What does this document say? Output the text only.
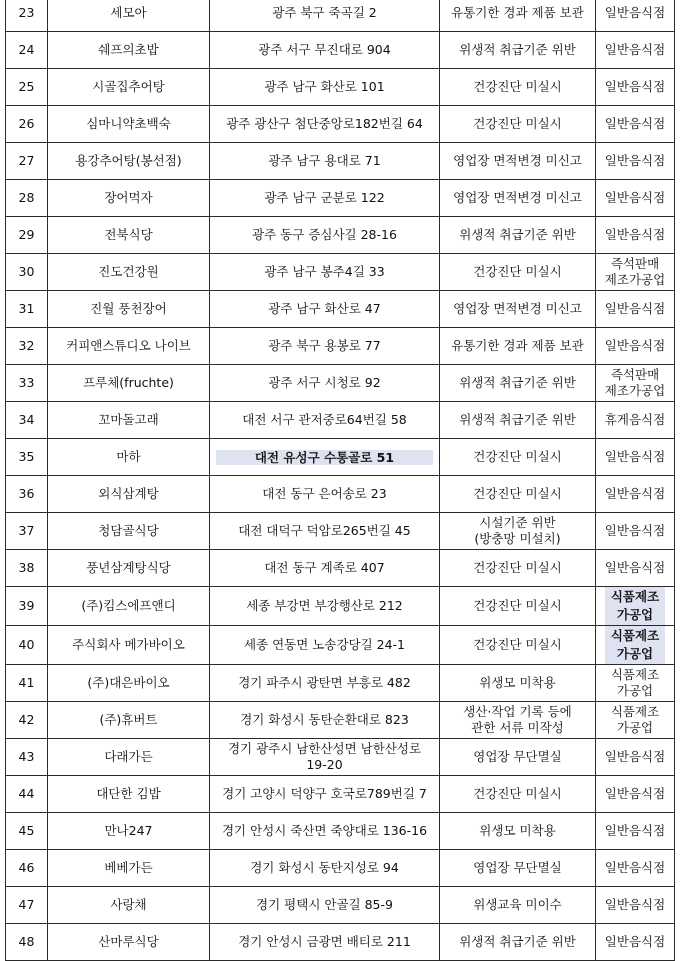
23	세모아	광주 북구 죽곡길 2	유통기한 경과 제품 보관	일반음식점
24	쉐프의초밥	광주 서구 무진대로 904	위생적 취급기준 위반	일반음식점
25	시골집추어탕	광주 남구 화산로 101	건강진단 미실시	일반음식점
26	심마니약초백숙	광주 광산구 첨단중앙로182번길 64	건강진단 미실시	일반음식점
27	용강추어탕(봉선점)	광주 남구 용대로 71	영업장 면적변경 미신고	일반음식점
28	장어먹자	광주 남구 군분로 122	영업장 면적변경 미신고	일반음식점
29	전북식당	광주 동구 증심사길 28-16	위생적 취급기준 위반	일반음식점
30	진도건강원	광주 남구 봉주4길 33	건강진단 미실시	즉석판매
제조가공업
31	진월 풍천장어	광주 남구 화산로 47	영업장 면적변경 미신고	일반음식점
32	커피앤스튜디오 나이브	광주 북구 용봉로 77	유통기한 경과 제품 보관	일반음식점
33	프루체(fruchte)	광주 서구 시청로 92	위생적 취급기준 위반	즉석판매
제조가공업
34	꼬마돌고래	대전 서구 관저중로64번길 58	위생적 취급기준 위반	휴게음식점
35	마하	대전 유성구 수통골로 51	건강진단 미실시	일반음식점
36	외식삼계탕	대전 동구 은어송로 23	건강진단 미실시	일반음식점
37	청담골식당	대전 대덕구 덕암로265번길 45	시설기준 위반
(방충망 미설치)	일반음식점
38	풍년삼계탕식당	대전 동구 계족로 407	건강진단 미실시	일반음식점
39	(주)킴스에프앤디	세종 부강면 부강행산로 212	건강진단 미실시	식품제조
가공업
40	주식회사 메가바이오	세종 연동면 노송강당길 24-1	건강진단 미실시	식품제조
가공업
41	(주)대은바이오	경기 파주시 광탄면 부흥로 482	위생모 미착용	식품제조
가공업
42	(주)휴버트	경기 화성시 동탄순환대로 823	생산·작업 기록 등에
관한 서류 미작성	식품제조
가공업
43	다래가든	경기 광주시 남한산성면 남한산성로
19-20	영업장 무단멸실	일반음식점
44	대단한 김밥	경기 고양시 덕양구 호국로789번길 7	건강진단 미실시	일반음식점
45	만나247	경기 안성시 죽산면 죽양대로 136-16	위생모 미착용	일반음식점
46	베베가든	경기 화성시 동탄지성로 94	영업장 무단멸실	일반음식점
47	사랑채	경기 평택시 안골길 85-9	위생교육 미이수	일반음식점
48	산마루식당	경기 안성시 금광면 배티로 211	위생적 취급기준 위반	일반음식점
